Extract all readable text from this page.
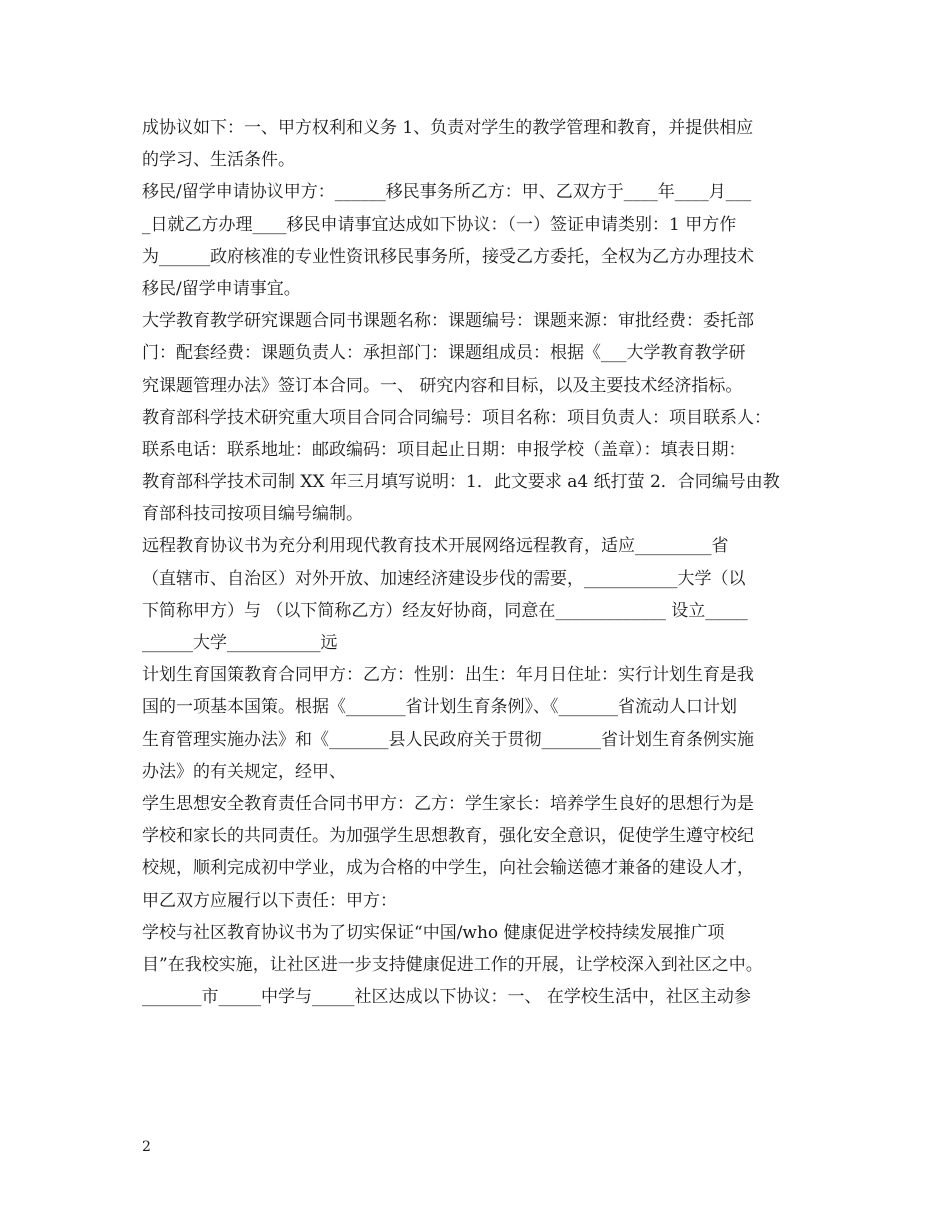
成协议如下：一、甲方权利和义务 1、负责对学生的教学管理和教育，并提供相应
的学习、生活条件。
移民/留学申请协议甲方：______移民事务所乙方：甲、乙双方于____年____月___
_日就乙方办理____移民申请事宜达成如下协议：（一）签证申请类别：1 甲方作
为______政府核准的专业性资讯移民事务所，接受乙方委托，全权为乙方办理技术
移民/留学申请事宜。
大学教育教学研究课题合同书课题名称：课题编号：课题来源：审批经费：委托部
门：配套经费：课题负责人：承担部门：课题组成员：根据《___大学教育教学研
究课题管理办法》签订本合同。一、 研究内容和目标，以及主要技术经济指标。
教育部科学技术研究重大项目合同合同编号：项目名称：项目负责人：项目联系人：
联系电话：联系地址：邮政编码：项目起止日期：申报学校（盖章）：填表日期：
教育部科学技术司制 XX 年三月填写说明：1．此文要求 a4 纸打萤 2．合同编号由教
育部科技司按项目编号编制。
远程教育协议书为充分利用现代教育技术开展网络远程教育，适应_________省
（直辖市、自治区）对外开放、加速经济建设步伐的需要，___________大学（以
下简称甲方）与 （以下简称乙方）经友好协商，同意在_____________ 设立_____
______大学___________远
计划生育国策教育合同甲方：乙方：性别：出生：年月日住址：实行计划生育是我
国的一项基本国策。根据《_______省计划生育条例》、《_______省流动人口计划
生育管理实施办法》和《_______县人民政府关于贯彻_______省计划生育条例实施
办法》的有关规定，经甲、
学生思想安全教育责任合同书甲方：乙方：学生家长：培养学生良好的思想行为是
学校和家长的共同责任。为加强学生思想教育，强化安全意识，促使学生遵守校纪
校规，顺利完成初中学业，成为合格的中学生，向社会输送德才兼备的建设人才，
甲乙双方应履行以下责任：甲方：
学校与社区教育协议书为了切实保证“中国/who 健康促进学校持续发展推广项
目”在我校实施，让社区进一步支持健康促进工作的开展，让学校深入到社区之中。
_______市_____中学与_____社区达成以下协议：一、 在学校生活中，社区主动参
2
